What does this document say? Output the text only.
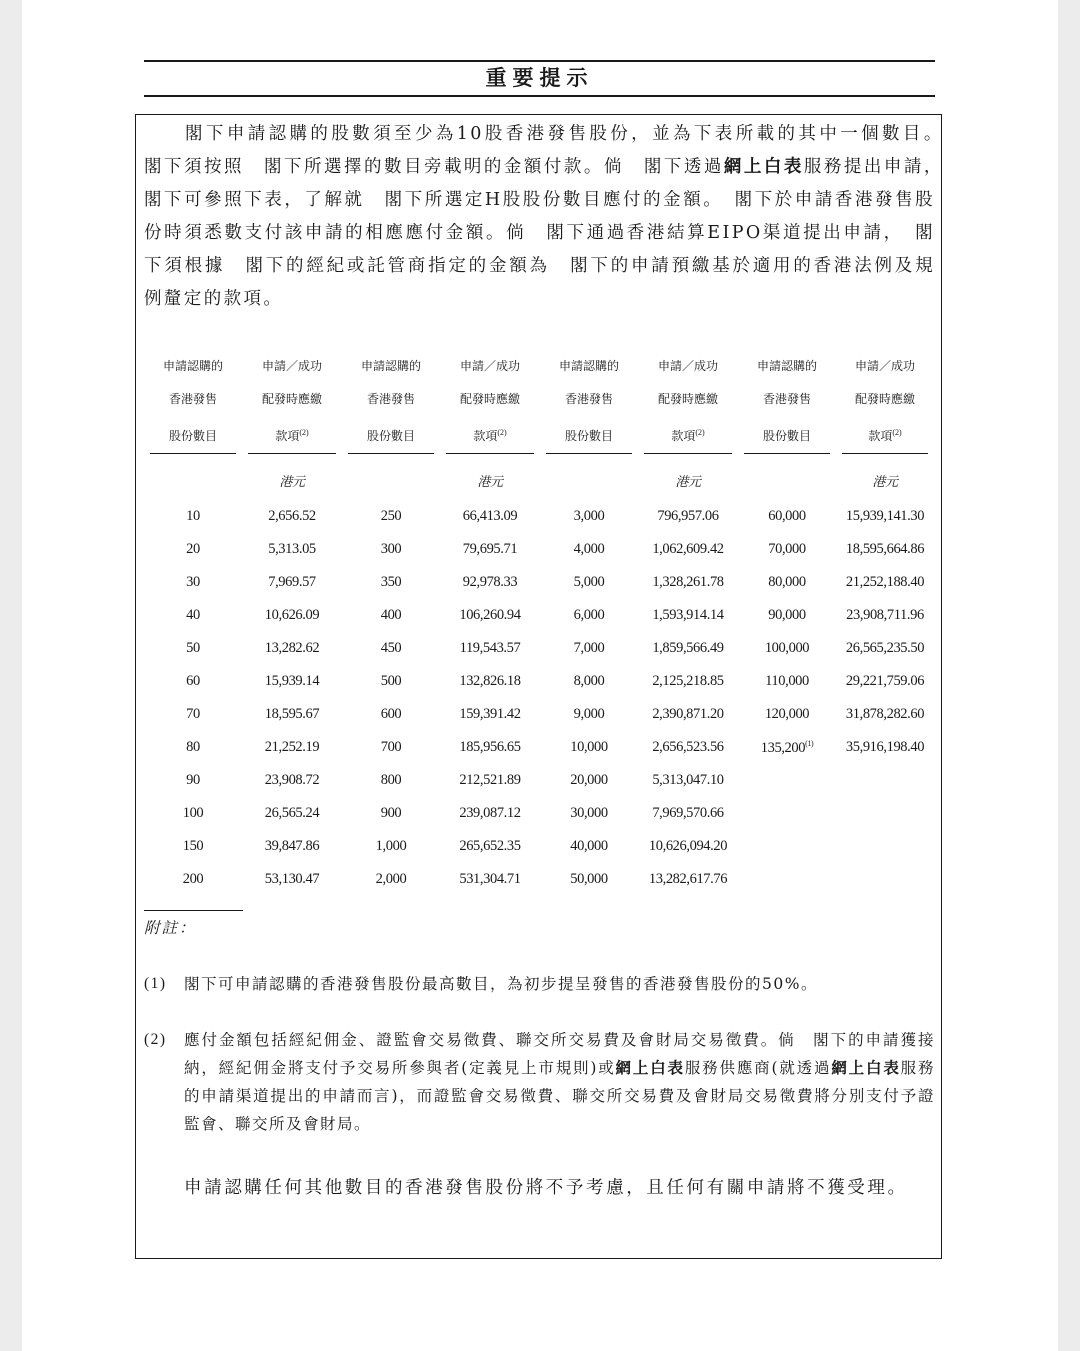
重要提示

閣下申請認購的股數須至少為10股香港發售股份，並為下表所載的其中一個數目。　閣下須按照　 閣下所選擇的數目旁載明的金額付款。倘　 閣下透過網上白表服務提出申請，　閣下可參照下表，了解就　 閣下所選定H股股份數目應付的金額。　 閣下於申請香港發售股份時須悉數支付該申請的相應應付金額。倘　 閣下通過香港結算EIPO渠道提出申請，　 閣下須根據　 閣下的經紀或託管商指定的金額為　 閣下的申請預繳基於適用的香港法例及規例釐定的款項。

申請認購的	申請／成功	申請認購的	申請／成功	申請認購的	申請／成功	申請認購的	申請／成功
香港發售	配發時應繳	香港發售	配發時應繳	香港發售	配發時應繳	香港發售	配發時應繳

股份數目	款項$^{(2)}$	股份數目	款項$^{(2)}$	股份數目	款項$^{(2)}$	股份數目	款項$^{(2)}$

	港元		港元		港元		港元
10	2,656.52	250	66,413.09	3,000	796,957.06	60,000	15,939,141.30
20	5,313.05	300	79,695.71	4,000	1,062,609.42	70,000	18,595,664.86
30	7,969.57	350	92,978.33	5,000	1,328,261.78	80,000	21,252,188.40
40	10,626.09	400	106,260.94	6,000	1,593,914.14	90,000	23,908,711.96
50	13,282.62	450	119,543.57	7,000	1,859,566.49	100,000	26,565,235.50
60	15,939.14	500	132,826.18	8,000	2,125,218.85	110,000	29,221,759.06
70	18,595.67	600	159,391.42	9,000	2,390,871.20	120,000	31,878,282.60
80	21,252.19	700	185,956.65	10,000	2,656,523.56	135,200$^{(1)}$	35,916,198.40
90	23,908.72	800	212,521.89	20,000	5,313,047.10		
100	26,565.24	900	239,087.12	30,000	7,969,570.66		
150	39,847.86	1,000	265,652.35	40,000	10,626,094.20		
200	53,130.47	2,000	531,304.71	50,000	13,282,617.76		
附註：
(1) 閣下可申請認購的香港發售股份最高數目，為初步提呈發售的香港發售股份的50%。
(2) 應付金額包括經紀佣金、證監會交易徵費、聯交所交易費及會財局交易徵費。倘　閣下的申請獲接納，經紀佣金將支付予交易所參與者(定義見上市規則)或網上白表服務供應商(就透過網上白表服務的申請渠道提出的申請而言)，而證監會交易徵費、聯交所交易費及會財局交易徵費將分別支付予證監會、聯交所及會財局。
申請認購任何其他數目的香港發售股份將不予考慮，且任何有關申請將不獲受理。
